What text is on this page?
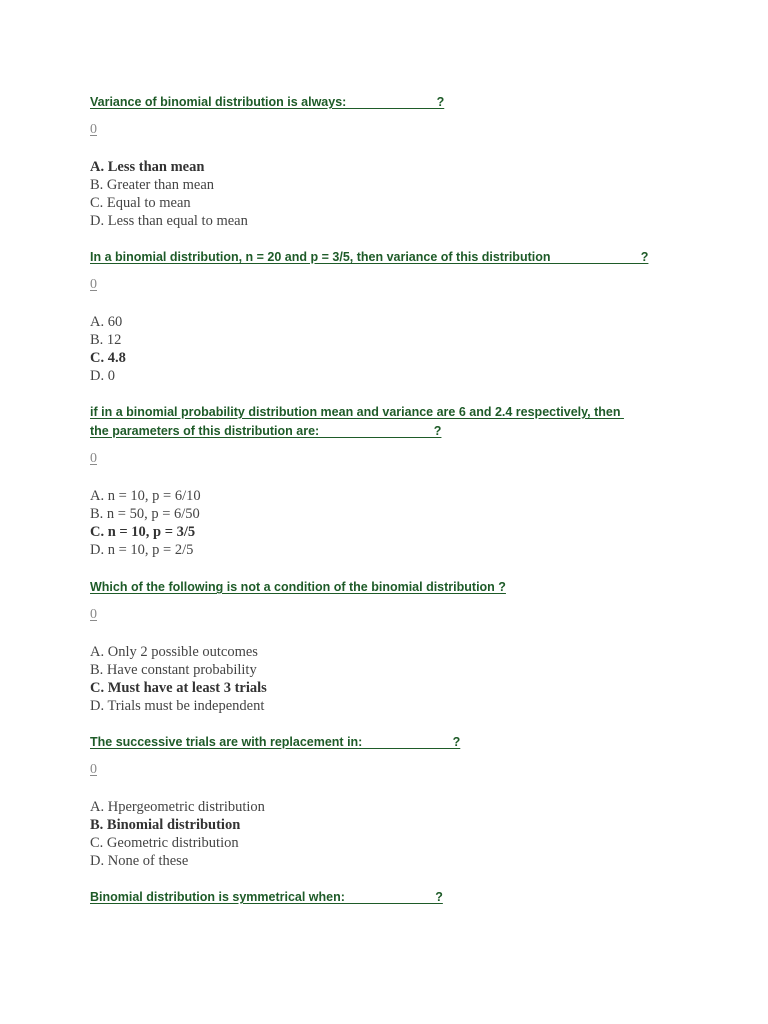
Variance of binomial distribution is always:                          ?

0
A. Less than mean
B. Greater than mean
C. Equal to mean
D. Less than equal to mean

In a binomial distribution, n = 20 and p = 3/5, then variance of this distribution                          ?

0
A. 60
B. 12
C. 4.8
D. 0

if in a binomial probability distribution mean and variance are 6 and 2.4 respectively, then the parameters of this distribution are:                                 ?

0
A. n = 10, p = 6/10
B. n = 50, p = 6/50
C. n = 10, p = 3/5
D. n = 10, p = 2/5

Which of the following is not a condition of the binomial distribution ?

0
A. Only 2 possible outcomes
B. Have constant probability
C. Must have at least 3 trials
D. Trials must be independent

The successive trials are with replacement in:                          ?

0
A. Hpergeometric distribution
B. Binomial distribution
C. Geometric distribution
D. None of these

Binomial distribution is symmetrical when:                          ?
